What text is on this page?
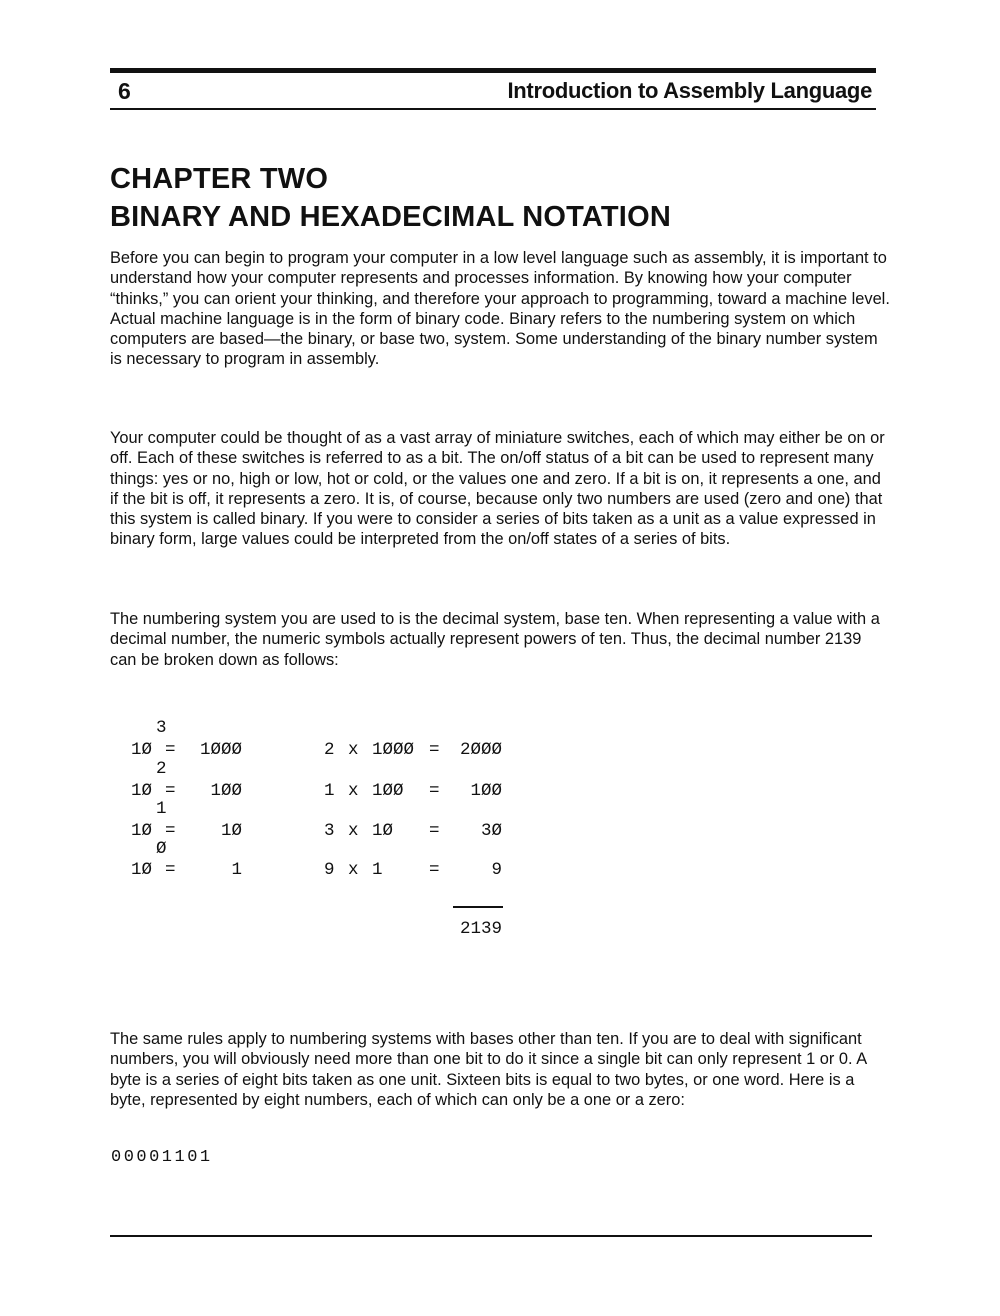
6	Introduction to Assembly Language
CHAPTER TWO
BINARY AND HEXADECIMAL NOTATION

Before you can begin to program your computer in a low level language such as assembly, it is important to understand how your computer represents and processes information. By knowing how your computer “thinks,” you can orient your thinking, and therefore your approach to programming, toward a machine level. Actual machine language is in the form of binary code. Binary refers to the numbering system on which computers are based—the binary, or base two, system. Some understanding of the binary number system is necessary to program in assembly.

Your computer could be thought of as a vast array of miniature switches, each of which may either be on or off. Each of these switches is referred to as a bit. The on/off status of a bit can be used to represent many things: yes or no, high or low, hot or cold, or the values one and zero. If a bit is on, it represents a one, and if the bit is off, it represents a zero. It is, of course, because only two numbers are used (zero and one) that this system is called binary. If you were to consider a series of bits taken as a unit as a value expressed in binary form, large values could be interpreted from the on/off states of a series of bits.

The numbering system you are used to is the decimal system, base ten. When representing a value with a decimal number, the numeric symbols actually represent powers of ten. Thus, the decimal number 2139 can be broken down as follows:

3
1Ø =	1ØØØ	2 x 1ØØØ =	2ØØØ
2
1Ø =	1ØØ	1 x 1ØØ =	1ØØ
1
1Ø =	1Ø	3 x 1Ø =	3Ø
Ø
1Ø =	1	9 x 1	=	9
2139

The same rules apply to numbering systems with bases other than ten. If you are to deal with significant numbers, you will obviously need more than one bit to do it since a single bit can only represent 1 or 0. A byte is a series of eight bits taken as one unit. Sixteen bits is equal to two bytes, or one word. Here is a byte, represented by eight numbers, each of which can only be a one or a zero:

00001101
